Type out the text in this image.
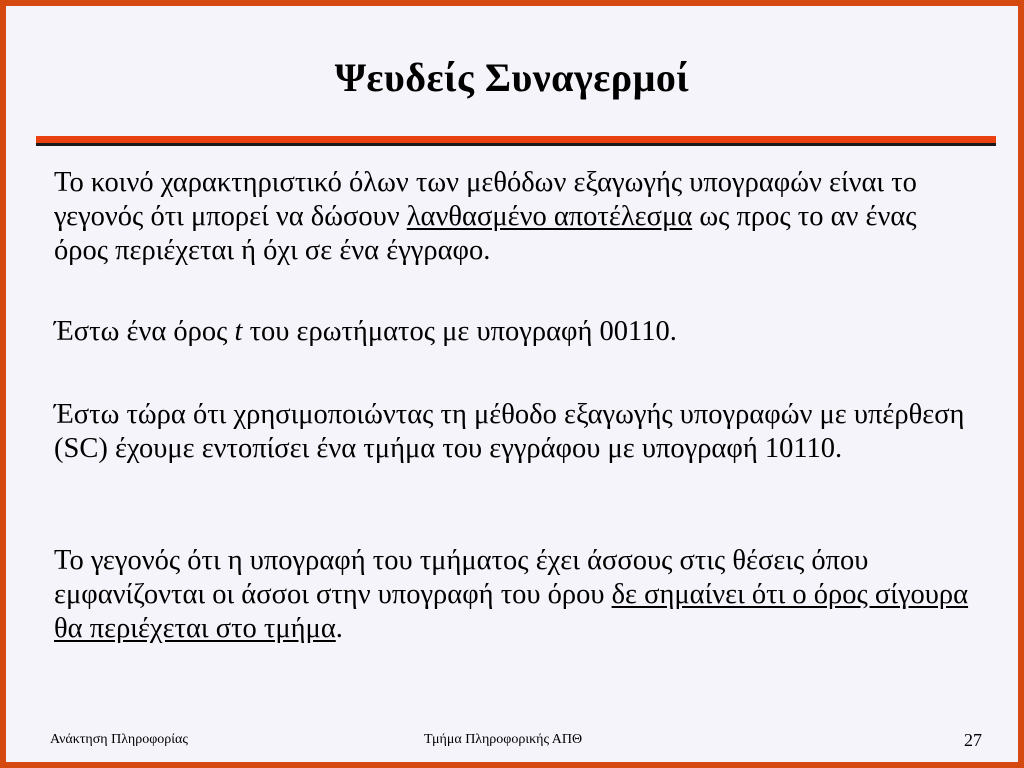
Ψευδείς Συναγερμοί

Το κοινό χαρακτηριστικό όλων των μεθόδων εξαγωγής υπογραφών είναι το γεγονός ότι μπορεί να δώσουν λανθασμένο αποτέλεσμα ως προς το αν ένας όρος περιέχεται ή όχι σε ένα έγγραφο.

Έστω ένα όρος t του ερωτήματος με υπογραφή 00110.

Έστω τώρα ότι χρησιμοποιώντας τη μέθοδο εξαγωγής υπογραφών με υπέρθεση (SC) έχουμε εντοπίσει ένα τμήμα του εγγράφου με υπογραφή 10110.

Το γεγονός ότι η υπογραφή του τμήματος έχει άσσους στις θέσεις όπου εμφανίζονται οι άσσοι στην υπογραφή του όρου δε σημαίνει ότι ο όρος σίγουρα θα περιέχεται στο τμήμα.

Ανάκτηση Πληροφορίας	Τμήμα Πληροφορικής ΑΠΘ	27
